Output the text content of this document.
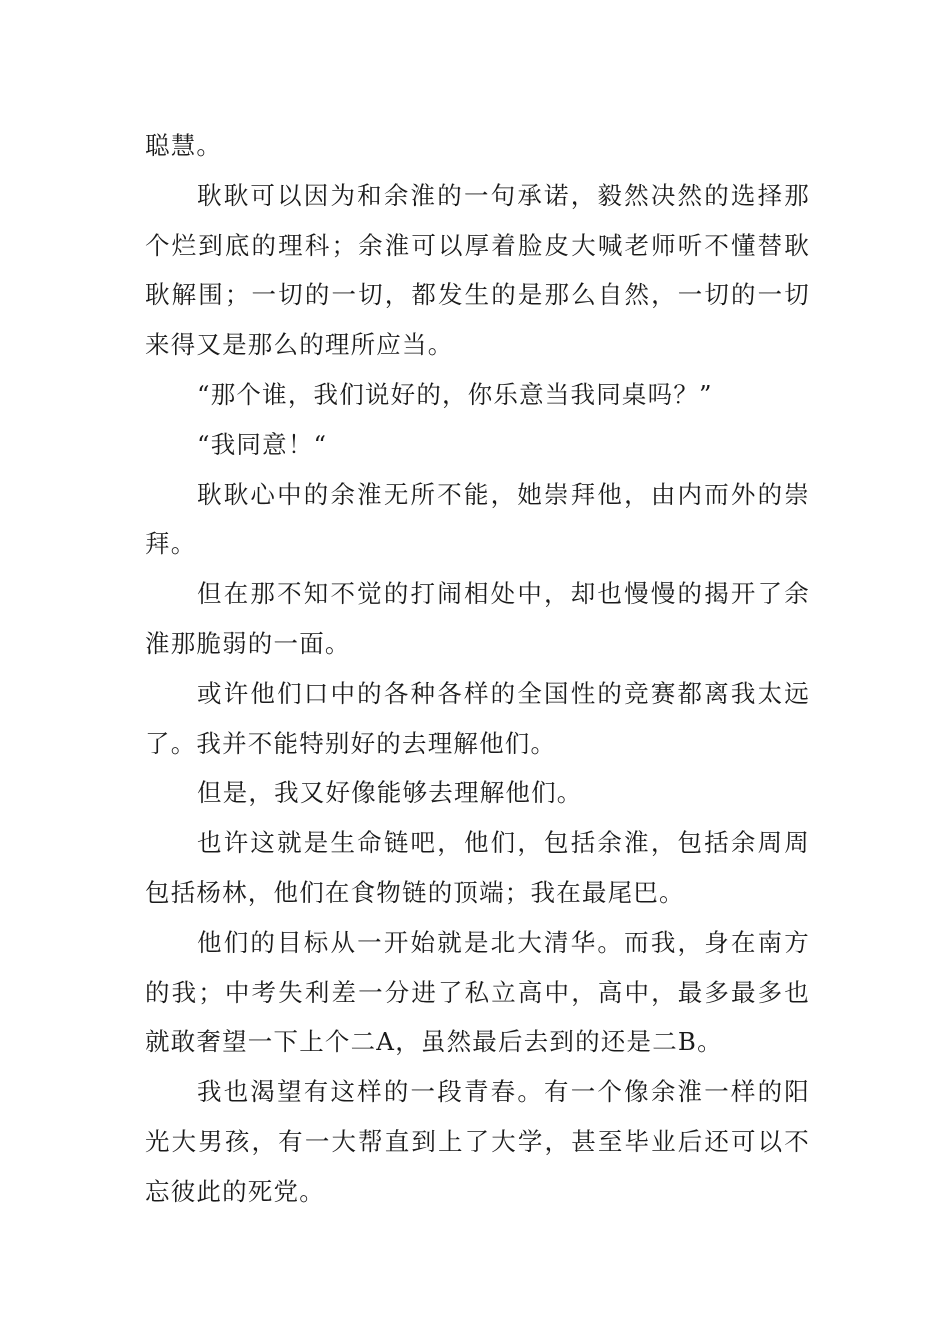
聪慧。

耿耿可以因为和余淮的一句承诺，毅然决然的选择那个烂到底的理科；余淮可以厚着脸皮大喊老师听不懂替耿耿解围；一切的一切，都发生的是那么自然，一切的一切来得又是那么的理所应当。

“那个谁，我们说好的，你乐意当我同桌吗？”

“我同意！“

耿耿心中的余淮无所不能，她崇拜他，由内而外的崇拜。

但在那不知不觉的打闹相处中，却也慢慢的揭开了余淮那脆弱的一面。

或许他们口中的各种各样的全国性的竞赛都离我太远了。我并不能特别好的去理解他们。

但是，我又好像能够去理解他们。

也许这就是生命链吧，他们，包括余淮，包括余周周包括杨林，他们在食物链的顶端；我在最尾巴。

他们的目标从一开始就是北大清华。而我，身在南方的我；中考失利差一分进了私立高中，高中，最多最多也就敢奢望一下上个二A，虽然最后去到的还是二B。

我也渴望有这样的一段青春。有一个像余淮一样的阳光大男孩，有一大帮直到上了大学，甚至毕业后还可以不忘彼此的死党。
